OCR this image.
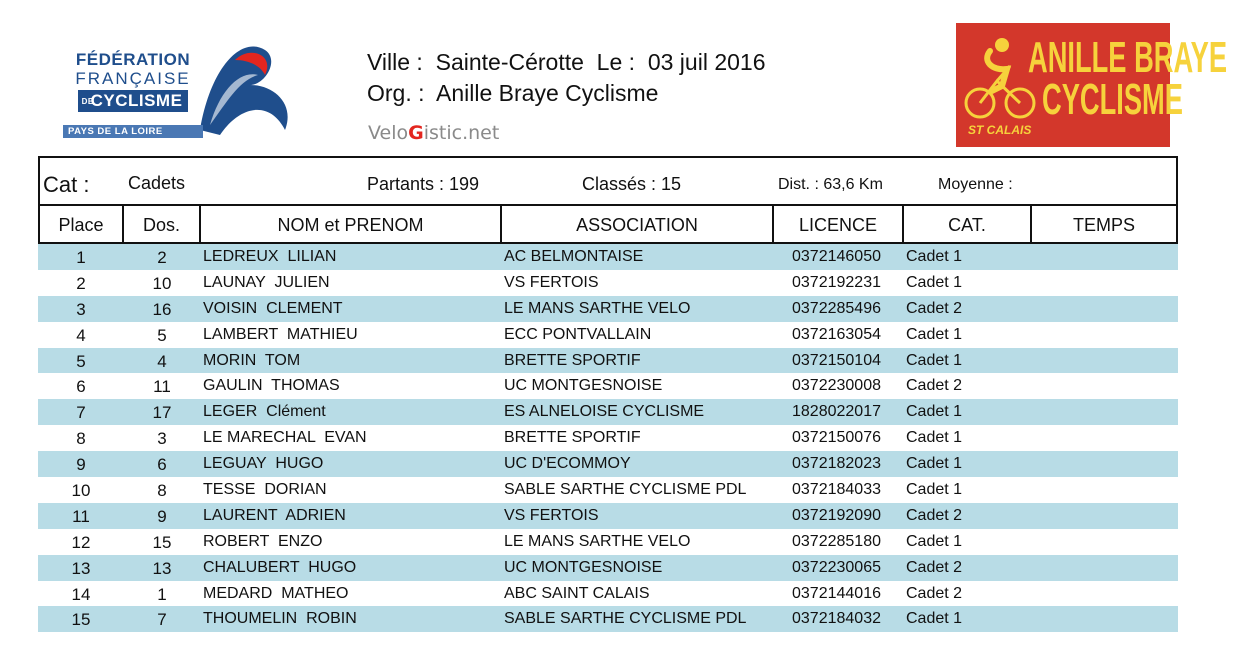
FÉDÉRATION
FRANÇAISE
DECYCLISME
PAYS DE LA LOIRE
Ville :  Sainte-Cérotte  Le :  03 juil 2016
Org. :  Anille Braye Cyclisme
VeloGistic.net
ANILLE BRAYE
CYCLISME
ST CALAIS
Cat : Cadets	Partants : 199	Classés : 15	Dist. : 63,6 Km	Moyenne :
Place	Dos.	NOM et PRENOM	ASSOCIATION	LICENCE	CAT.	TEMPS
1	2	LEDREUX  LILIAN	AC BELMONTAISE	0372146050 Cadet 1
2	10	LAUNAY  JULIEN	VS FERTOIS	0372192231 Cadet 1
3	16	VOISIN  CLEMENT	LE MANS SARTHE VELO	0372285496 Cadet 2
4	5	LAMBERT  MATHIEU	ECC PONTVALLAIN	0372163054 Cadet 1
5	4	MORIN  TOM	BRETTE SPORTIF	0372150104 Cadet 1
6	11	GAULIN  THOMAS	UC MONTGESNOISE	0372230008 Cadet 2
7	17	LEGER  Clément	ES ALNELOISE CYCLISME	1828022017 Cadet 1
8	3	LE MARECHAL  EVAN	BRETTE SPORTIF	0372150076 Cadet 1
9	6	LEGUAY  HUGO	UC D'ECOMMOY	0372182023 Cadet 1
10	8	TESSE  DORIAN	SABLE SARTHE CYCLISME PDL	0372184033 Cadet 1
11	9	LAURENT  ADRIEN	VS FERTOIS	0372192090 Cadet 2
12	15	ROBERT  ENZO	LE MANS SARTHE VELO	0372285180 Cadet 1
13	13	CHALUBERT  HUGO	UC MONTGESNOISE	0372230065 Cadet 2
14	1	MEDARD  MATHEO	ABC SAINT CALAIS	0372144016 Cadet 2
15	7	THOUMELIN  ROBIN	SABLE SARTHE CYCLISME PDL	0372184032 Cadet 1
